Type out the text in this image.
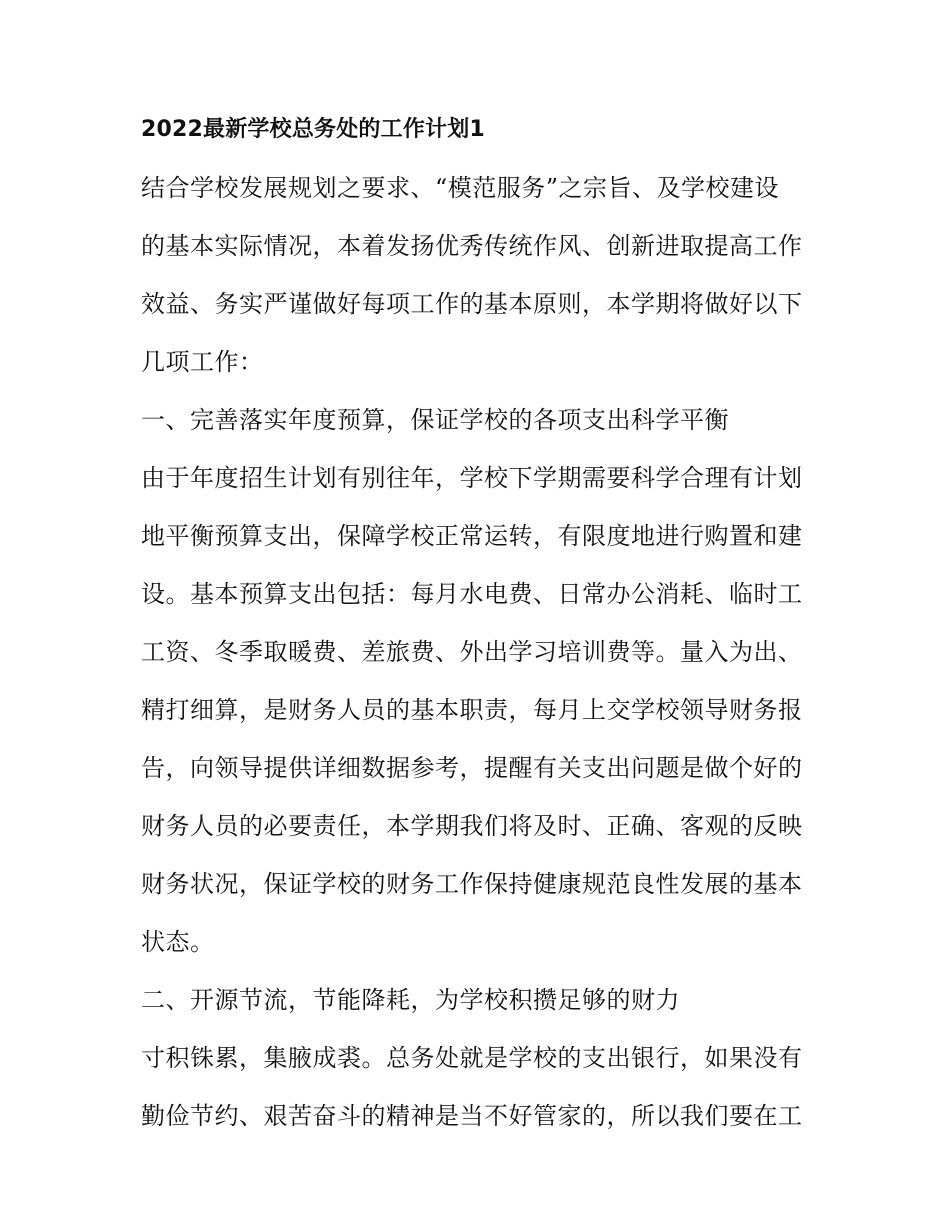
2022最新学校总务处的工作计划1
结合学校发展规划之要求、“模范服务”之宗旨、及学校建设
的基本实际情况，本着发扬优秀传统作风、创新进取提高工作
效益、务实严谨做好每项工作的基本原则，本学期将做好以下
几项工作：
一、完善落实年度预算，保证学校的各项支出科学平衡
由于年度招生计划有别往年，学校下学期需要科学合理有计划
地平衡预算支出，保障学校正常运转，有限度地进行购置和建
设。基本预算支出包括：每月水电费、日常办公消耗、临时工
工资、冬季取暖费、差旅费、外出学习培训费等。量入为出、
精打细算，是财务人员的基本职责，每月上交学校领导财务报
告，向领导提供详细数据参考，提醒有关支出问题是做个好的
财务人员的必要责任，本学期我们将及时、正确、客观的反映
财务状况，保证学校的财务工作保持健康规范良性发展的基本
状态。
二、开源节流，节能降耗，为学校积攒足够的财力
寸积铢累，集腋成裘。总务处就是学校的支出银行，如果没有
勤俭节约、艰苦奋斗的精神是当不好管家的，所以我们要在工
